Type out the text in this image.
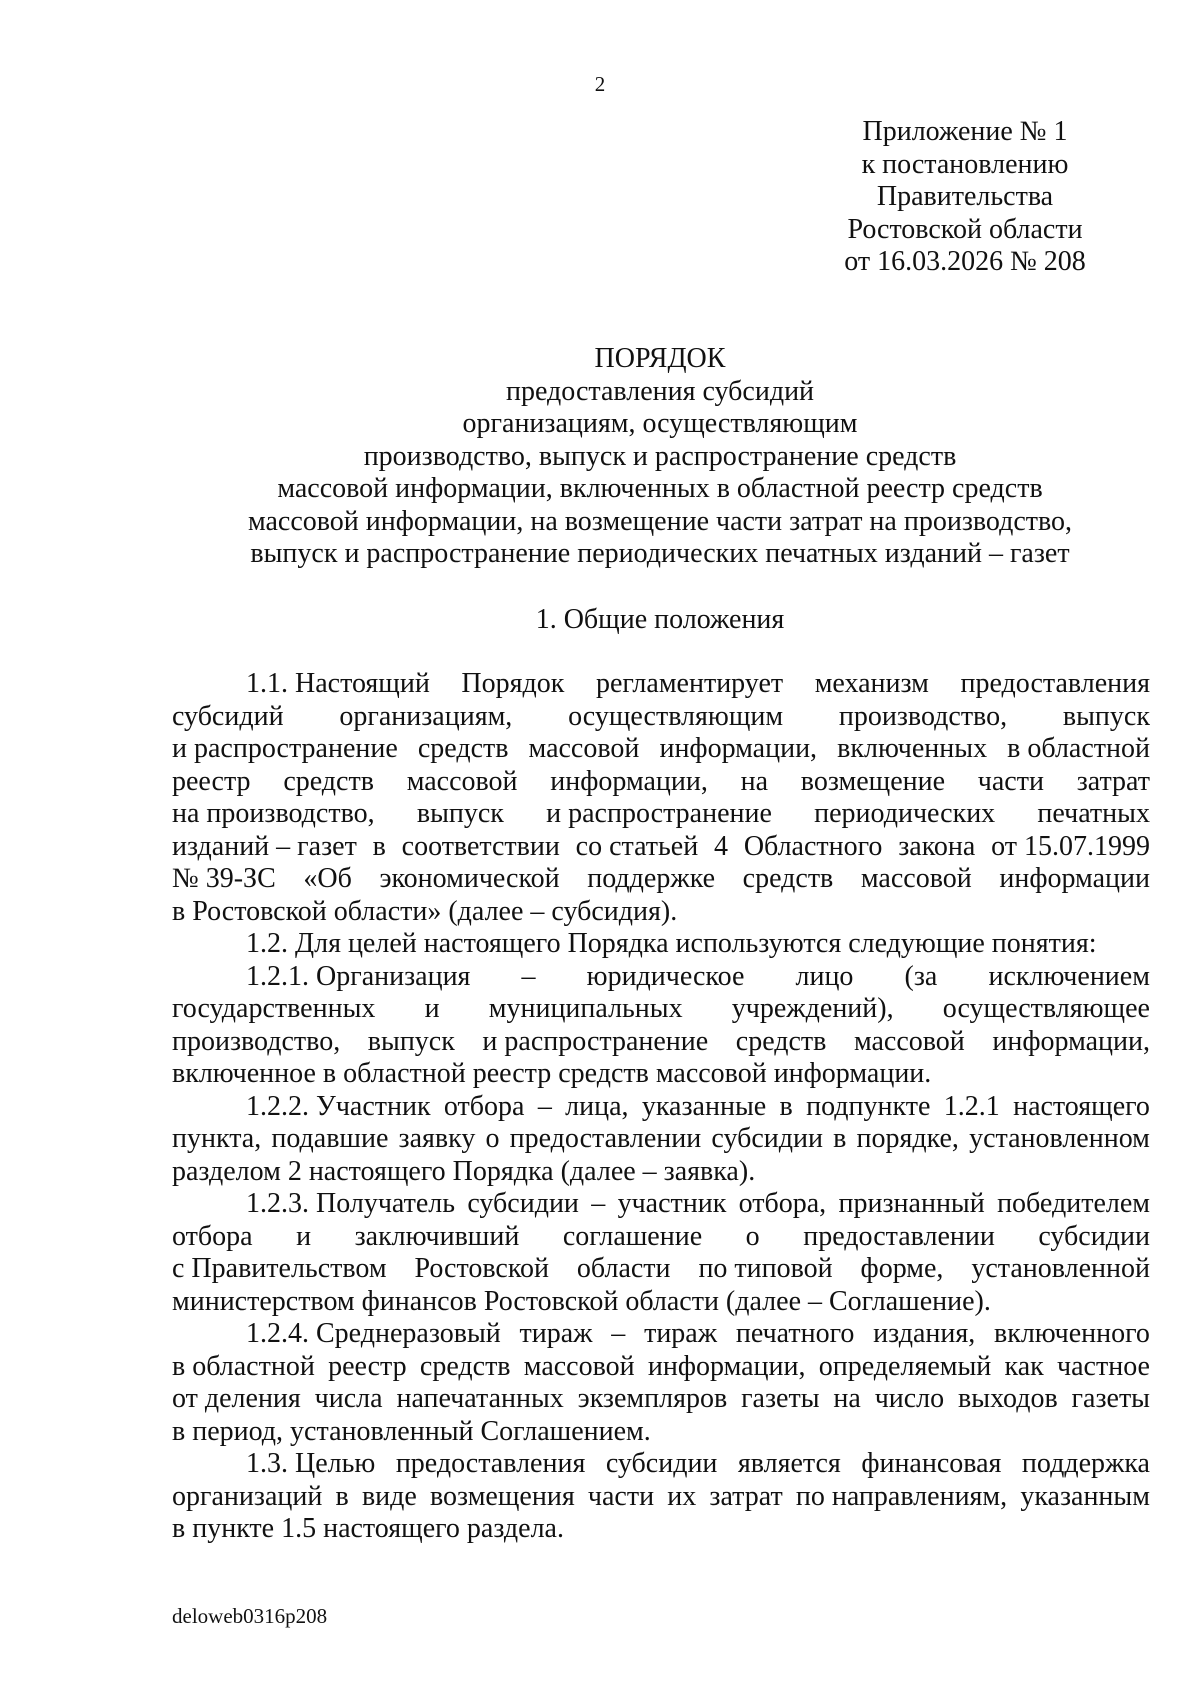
2
Приложение № 1
к постановлению
Правительства
Ростовской области
от 16.03.2026 № 208
ПОРЯДОК
предоставления субсидий
организациям, осуществляющим
производство, выпуск и распространение средств
массовой информации, включенных в областной реестр средств
массовой информации, на возмещение части затрат на производство,
выпуск и распространение периодических печатных изданий – газет
1. Общие положения
1.1. Настоящий Порядок регламентирует механизм предоставления
субсидий организациям, осуществляющим производство, выпуск
и распространение средств массовой информации, включенных в областной
реестр средств массовой информации, на возмещение части затрат
на производство, выпуск и распространение периодических печатных
изданий – газет в соответствии со статьей 4 Областного закона от 15.07.1999
№ 39-ЗС «Об экономической поддержке средств массовой информации
в Ростовской области» (далее – субсидия).
1.2. Для целей настоящего Порядка используются следующие понятия:
1.2.1. Организация – юридическое лицо (за исключением
государственных и муниципальных учреждений), осуществляющее
производство, выпуск и распространение средств массовой информации,
включенное в областной реестр средств массовой информации.
1.2.2. Участник отбора – лица, указанные в подпункте 1.2.1 настоящего
пункта, подавшие заявку о предоставлении субсидии в порядке, установленном
разделом 2 настоящего Порядка (далее – заявка).
1.2.3. Получатель субсидии – участник отбора, признанный победителем
отбора и заключивший соглашение о предоставлении субсидии
с Правительством Ростовской области по типовой форме, установленной
министерством финансов Ростовской области (далее – Соглашение).
1.2.4. Среднеразовый тираж – тираж печатного издания, включенного
в областной реестр средств массовой информации, определяемый как частное
от деления числа напечатанных экземпляров газеты на число выходов газеты
в период, установленный Соглашением.
1.3. Целью предоставления субсидии является финансовая поддержка
организаций в виде возмещения части их затрат по направлениям, указанным
в пункте 1.5 настоящего раздела.
deloweb0316p208
